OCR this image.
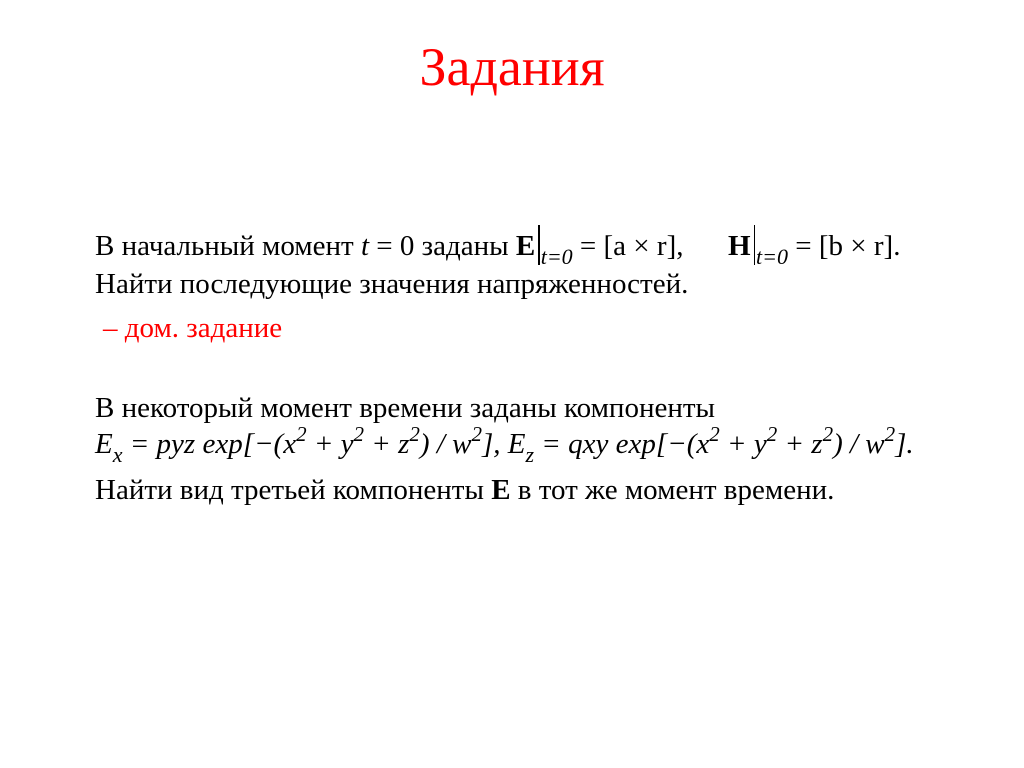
Задания
В начальный момент t = 0 заданы E $_{t=0}$ = [a × r], H $_{t=0}$ = [b × r].
Найти последующие значения напряженностей.
– дом. задание
В некоторый момент времени заданы компоненты
$E_x$ = pyz $\exp[-(x^2 + y^2 + z^2) / w^2]$, $E_z$ = qxy $\exp[-(x^2 + y^2 + z^2) / w^2]$.
Найти вид третьей компоненты E в тот же момент времени.
